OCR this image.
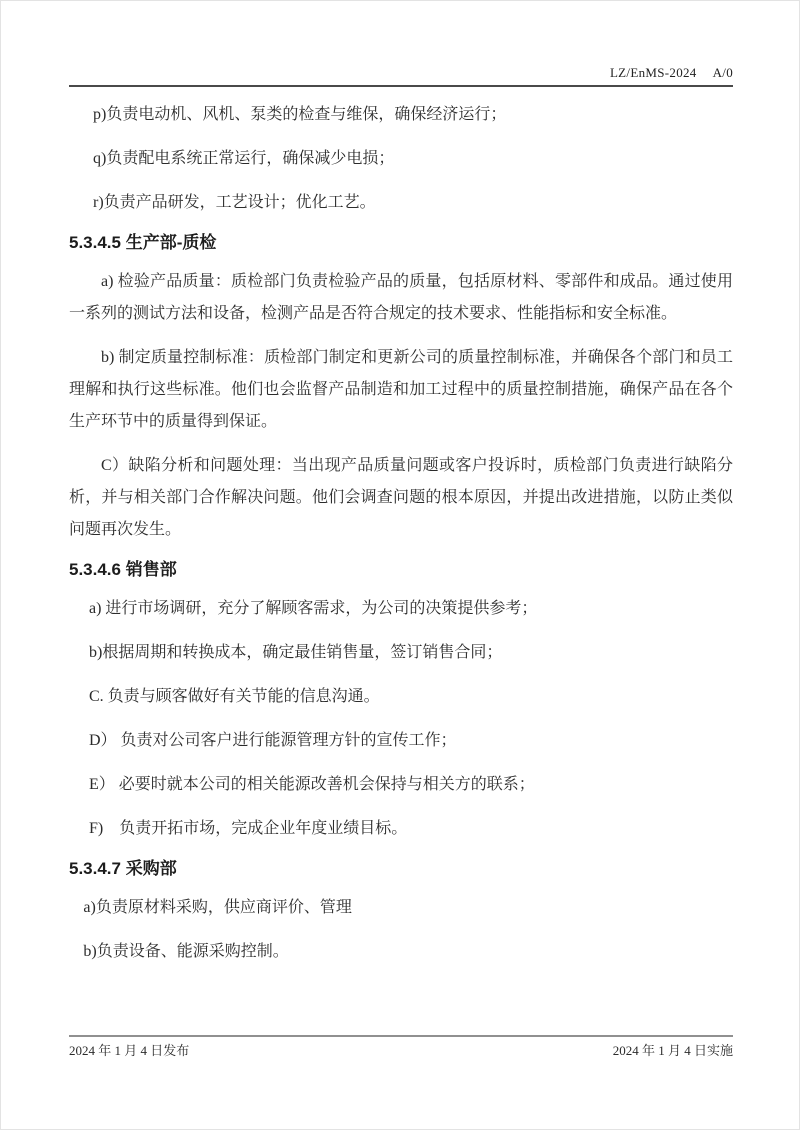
LZ/EnMS-2024 A/0

p)负责电动机、风机、泵类的检查与维保，确保经济运行；

q)负责配电系统正常运行，确保减少电损；

r)负责产品研发，工艺设计；优化工艺。

5.3.4.5 生产部-质检

a) 检验产品质量：质检部门负责检验产品的质量，包括原材料、零部件和成品。通过使用一系列的测试方法和设备，检测产品是否符合规定的技术要求、性能指标和安全标准。

b) 制定质量控制标准：质检部门制定和更新公司的质量控制标准，并确保各个部门和员工理解和执行这些标准。他们也会监督产品制造和加工过程中的质量控制措施，确保产品在各个生产环节中的质量得到保证。

C）缺陷分析和问题处理：当出现产品质量问题或客户投诉时，质检部门负责进行缺陷分析，并与相关部门合作解决问题。他们会调查问题的根本原因，并提出改进措施，以防止类似问题再次发生。

5.3.4.6 销售部

a) 进行市场调研，充分了解顾客需求，为公司的决策提供参考；

b)根据周期和转换成本，确定最佳销售量，签订销售合同；

C. 负责与顾客做好有关节能的信息沟通。

D） 负责对公司客户进行能源管理方针的宣传工作；

E） 必要时就本公司的相关能源改善机会保持与相关方的联系；

F)　负责开拓市场，完成企业年度业绩目标。

5.3.4.7 采购部

a)负责原材料采购，供应商评价、管理

b)负责设备、能源采购控制。

2024 年 1 月 4 日发布	2024 年 1 月 4 日实施
